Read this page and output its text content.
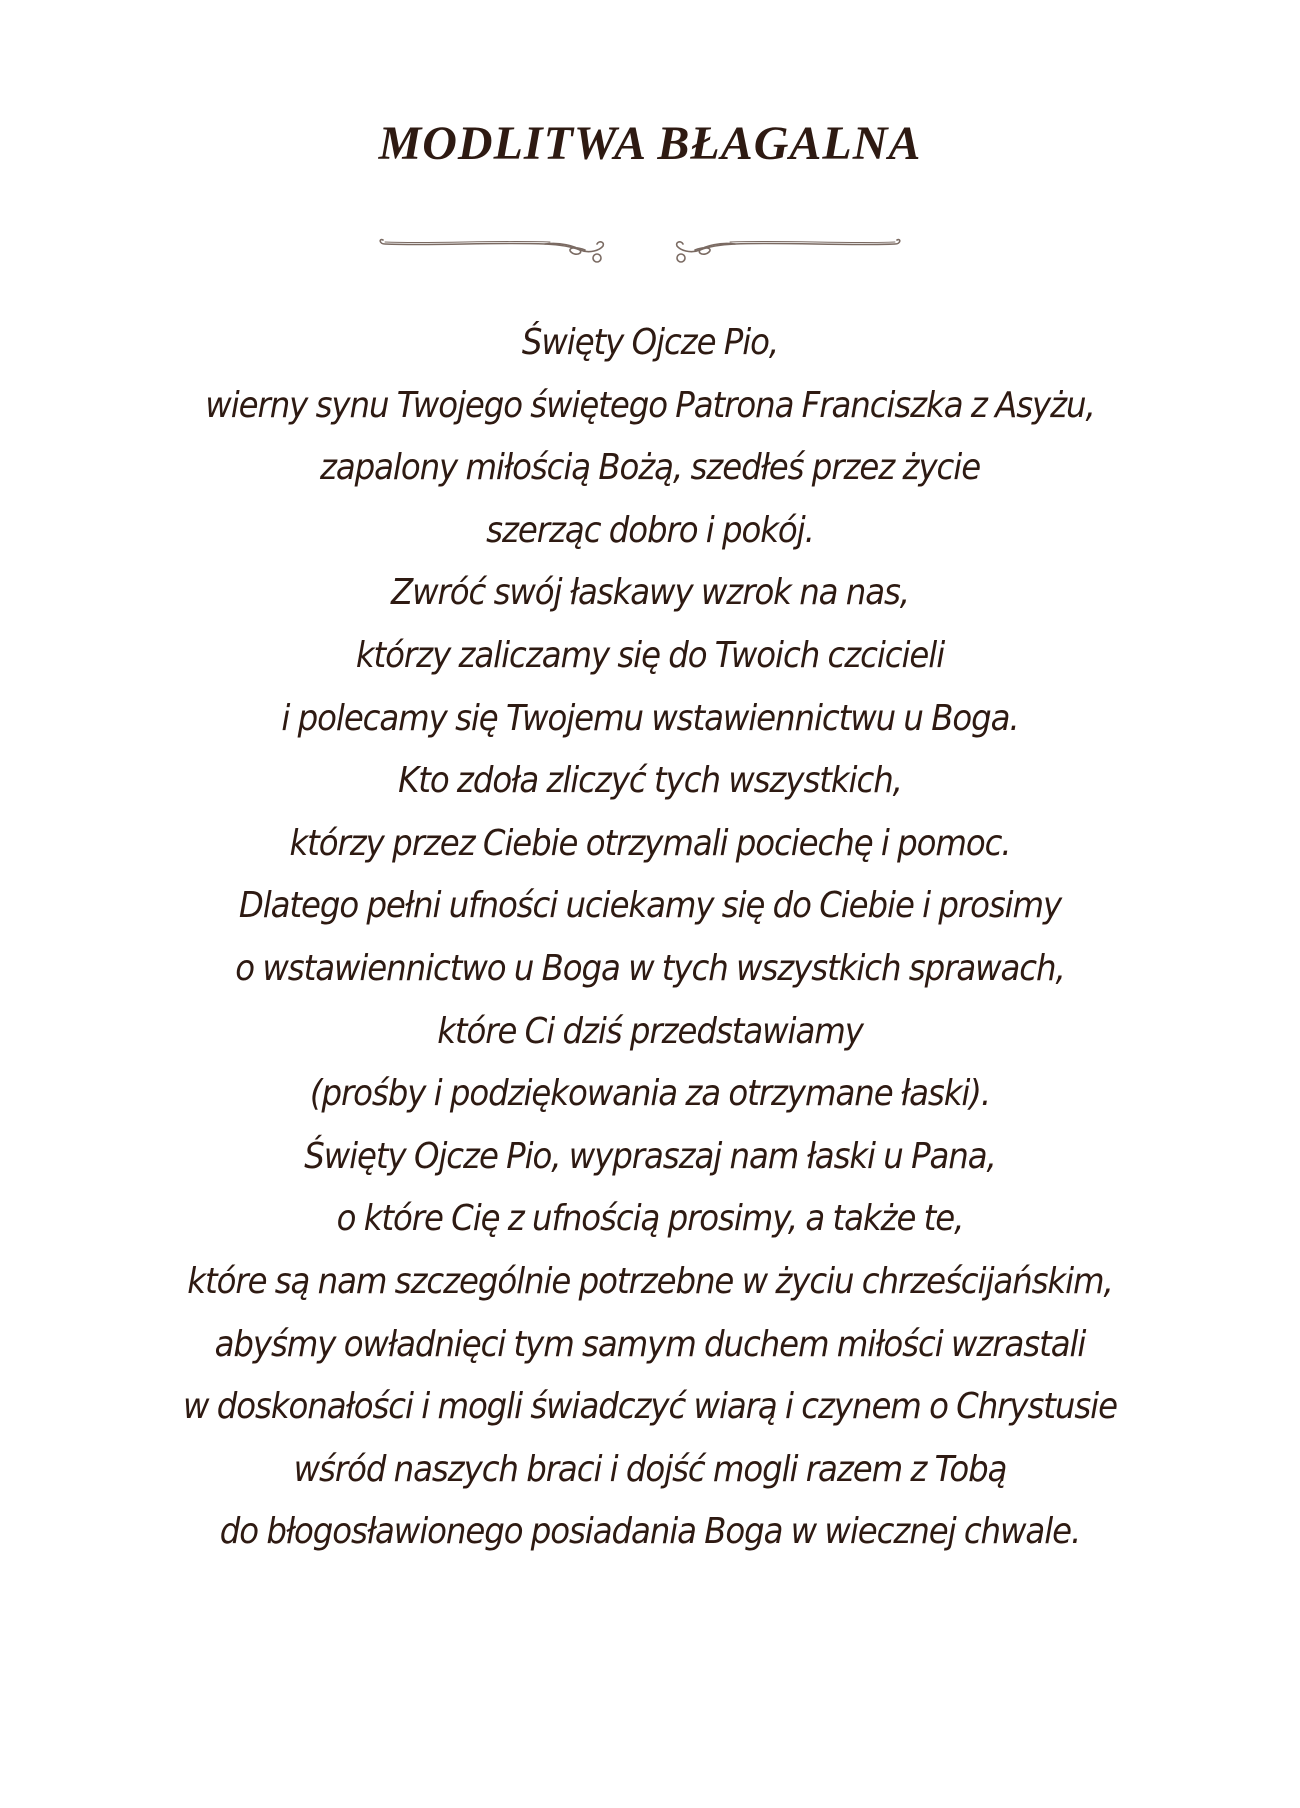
MODLITWA BŁAGALNA
Święty Ojcze Pio,
wierny synu Twojego świętego Patrona Franciszka z Asyżu,
zapalony miłością Bożą, szedłeś przez życie
szerząc dobro i pokój.
Zwróć swój łaskawy wzrok na nas,
którzy zaliczamy się do Twoich czcicieli
i polecamy się Twojemu wstawiennictwu u Boga.
Kto zdoła zliczyć tych wszystkich,
którzy przez Ciebie otrzymali pociechę i pomoc.
Dlatego pełni ufności uciekamy się do Ciebie i prosimy
o wstawiennictwo u Boga w tych wszystkich sprawach,
które Ci dziś przedstawiamy
(prośby i podziękowania za otrzymane łaski).
Święty Ojcze Pio, wypraszaj nam łaski u Pana,
o które Cię z ufnością prosimy, a także te,
które są nam szczególnie potrzebne w życiu chrześcijańskim,
abyśmy owładnięci tym samym duchem miłości wzrastali
w doskonałości i mogli świadczyć wiarą i czynem o Chrystusie
wśród naszych braci i dojść mogli razem z Tobą
do błogosławionego posiadania Boga w wiecznej chwale.
